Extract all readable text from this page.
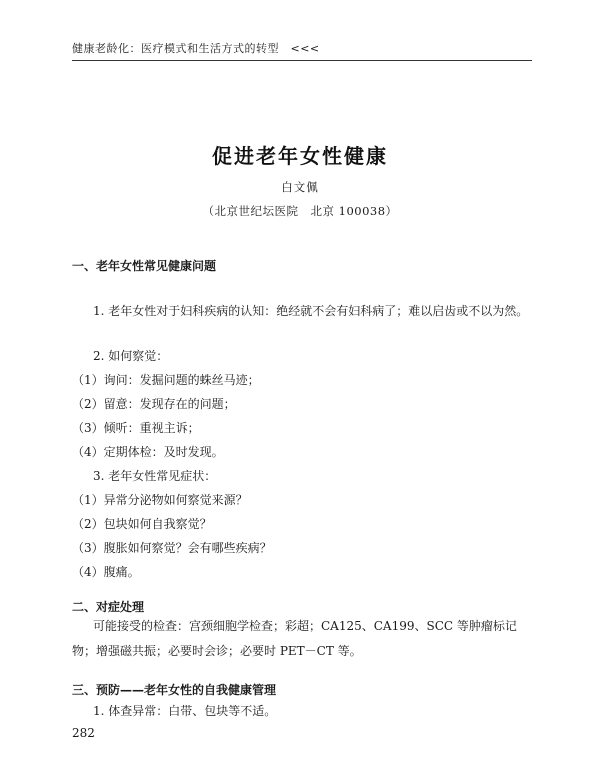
健康老龄化：医疗模式和生活方式的转型　<<<
促进老年女性健康
白文佩
（北京世纪坛医院　北京 100038）
一、老年女性常见健康问题
1. 老年女性对于妇科疾病的认知：绝经就不会有妇科病了；难以启齿或不以为然。
2. 如何察觉：
（1）询问：发掘问题的蛛丝马迹；
（2）留意：发现存在的问题；
（3）倾听：重视主诉；
（4）定期体检：及时发现。
3. 老年女性常见症状：
（1）异常分泌物如何察觉来源？
（2）包块如何自我察觉？
（3）腹胀如何察觉？会有哪些疾病？
（4）腹痛。
二、对症处理
可能接受的检查：宫颈细胞学检查；彩超；CA125、CA199、SCC 等肿瘤标记物；增强磁共振；必要时会诊；必要时 PET－CT 等。
三、预防——老年女性的自我健康管理
1. 体查异常：白带、包块等不适。
282
